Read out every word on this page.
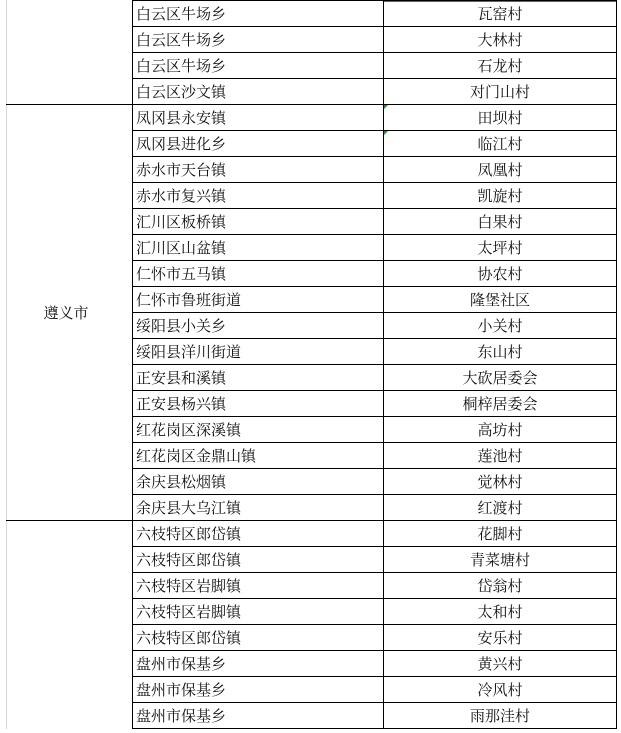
遵义市
白云区牛场乡	瓦窑村
白云区牛场乡	大林村
白云区牛场乡	石龙村
白云区沙文镇	对门山村
凤冈县永安镇	田坝村
凤冈县进化乡	临江村
赤水市天台镇	凤凰村
赤水市复兴镇	凯旋村
汇川区板桥镇	白果村
汇川区山盆镇	太坪村
仁怀市五马镇	协农村
仁怀市鲁班街道	隆堡社区
绥阳县小关乡	小关村
绥阳县洋川街道	东山村
正安县和溪镇	大砍居委会
正安县杨兴镇	桐梓居委会
红花岗区深溪镇	高坊村
红花岗区金鼎山镇	莲池村
余庆县松烟镇	觉林村
余庆县大乌江镇	红渡村
六枝特区郎岱镇	花脚村
六枝特区郎岱镇	青菜塘村
六枝特区岩脚镇	岱翁村
六枝特区岩脚镇	太和村
六枝特区郎岱镇	安乐村
盘州市保基乡	黄兴村
盘州市保基乡	冷风村
盘州市保基乡	雨那洼村
